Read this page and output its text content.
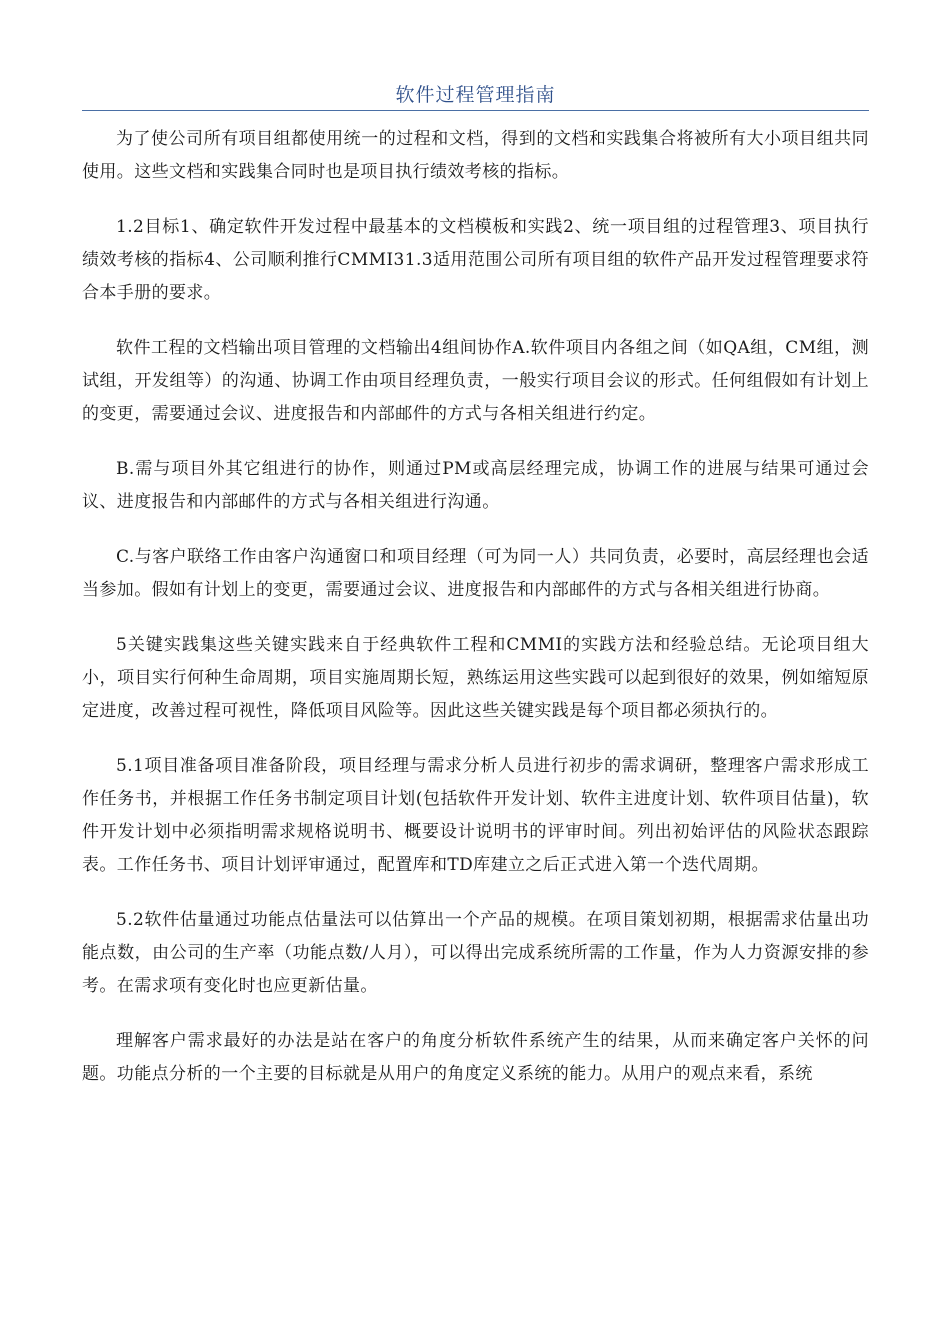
软件过程管理指南

为了使公司所有项目组都使用统一的过程和文档，得到的文档和实践集合将被所有大小项目组共同使用。这些文档和实践集合同时也是项目执行绩效考核的指标。

1.2目标1、确定软件开发过程中最基本的文档模板和实践2、统一项目组的过程管理3、项目执行绩效考核的指标4、公司顺利推行CMMI31.3适用范围公司所有项目组的软件产品开发过程管理要求符合本手册的要求。

软件工程的文档输出项目管理的文档输出4组间协作A.软件项目内各组之间（如QA组，CM组，测试组，开发组等）的沟通、协调工作由项目经理负责，一般实行项目会议的形式。任何组假如有计划上的变更，需要通过会议、进度报告和内部邮件的方式与各相关组进行约定。

B.需与项目外其它组进行的协作，则通过PM或高层经理完成，协调工作的进展与结果可通过会议、进度报告和内部邮件的方式与各相关组进行沟通。

C.与客户联络工作由客户沟通窗口和项目经理（可为同一人）共同负责，必要时，高层经理也会适当参加。假如有计划上的变更，需要通过会议、进度报告和内部邮件的方式与各相关组进行协商。

5关键实践集这些关键实践来自于经典软件工程和CMMI的实践方法和经验总结。无论项目组大小，项目实行何种生命周期，项目实施周期长短，熟练运用这些实践可以起到很好的效果，例如缩短原定进度，改善过程可视性，降低项目风险等。因此这些关键实践是每个项目都必须执行的。

5.1项目准备项目准备阶段，项目经理与需求分析人员进行初步的需求调研，整理客户需求形成工作任务书，并根据工作任务书制定项目计划(包括软件开发计划、软件主进度计划、软件项目估量)，软件开发计划中必须指明需求规格说明书、概要设计说明书的评审时间。列出初始评估的风险状态跟踪表。工作任务书、项目计划评审通过，配置库和TD库建立之后正式进入第一个迭代周期。

5.2软件估量通过功能点估量法可以估算出一个产品的规模。在项目策划初期，根据需求估量出功能点数，由公司的生产率（功能点数/人月），可以得出完成系统所需的工作量，作为人力资源安排的参考。在需求项有变化时也应更新估量。

理解客户需求最好的办法是站在客户的角度分析软件系统产生的结果，从而来确定客户关怀的问题。功能点分析的一个主要的目标就是从用户的角度定义系统的能力。从用户的观点来看，系统
